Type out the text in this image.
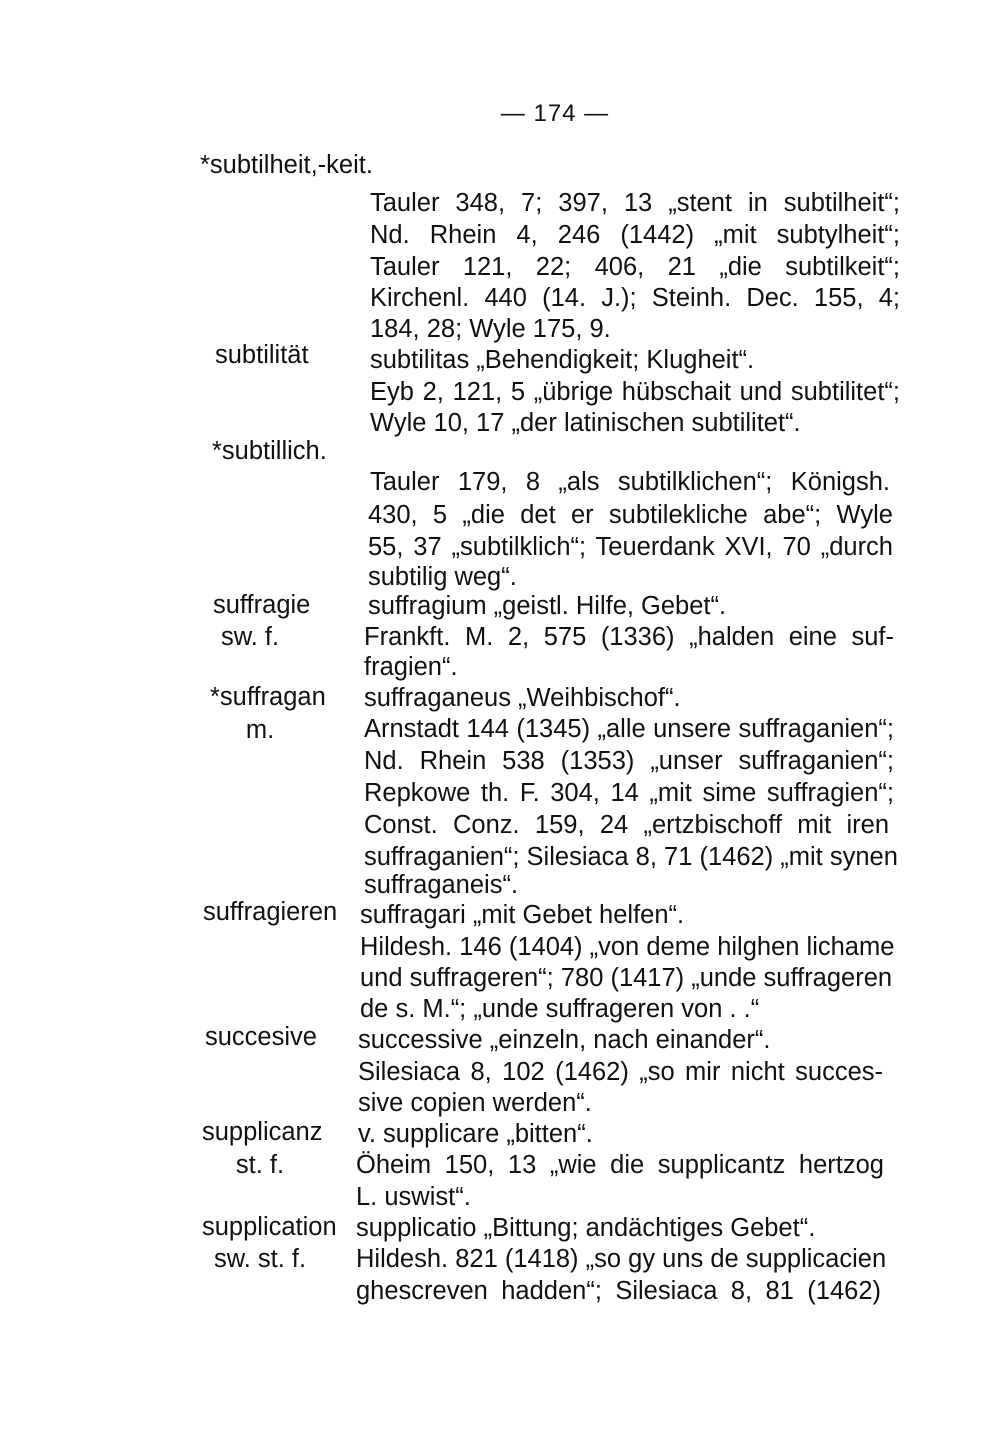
— 174 —
*subtilheit,-keit.
subtilität
*subtillich.
suffragie
sw. f.
*suffragan
m.
suffragieren
succesive
supplicanz
st. f.
supplication
sw. st. f.
Tauler 348, 7; 397, 13 „stent in subtilheit“;
Nd. Rhein 4, 246 (1442) „mit subtylheit“;
Tauler 121, 22; 406, 21 „die subtilkeit“;
Kirchenl. 440 (14. J.); Steinh. Dec. 155, 4;
184, 28; Wyle 175, 9.
subtilitas „Behendigkeit; Klugheit“.
Eyb 2, 121, 5 „übrige hübschait und subtilitet“;
Wyle 10, 17 „der latinischen subtilitet“.
Tauler 179, 8 „als subtilklichen“; Königsh.
430, 5 „die det er subtilekliche abe“; Wyle
55, 37 „subtilklich“; Teuerdank XVI, 70 „durch
subtilig weg“.
suffragium „geistl. Hilfe, Gebet“.
Frankft. M. 2, 575 (1336) „halden eine suf-
fragien“.
suffraganeus „Weihbischof“.
Arnstadt 144 (1345) „alle unsere suffraganien“;
Nd. Rhein 538 (1353) „unser suffraganien“;
Repkowe th. F. 304, 14 „mit sime suffragien“;
Const. Conz. 159, 24 „ertzbischoff mit iren
suffraganien“; Silesiaca 8, 71 (1462) „mit synen
suffraganeis“.
suffragari „mit Gebet helfen“.
Hildesh. 146 (1404) „von deme hilghen lichame
und suffrageren“; 780 (1417) „unde suffrageren
de s. M.“; „unde suffrageren von . .“
successive „einzeln, nach einander“.
Silesiaca 8, 102 (1462) „so mir nicht succes-
sive copien werden“.
v. supplicare „bitten“.
Öheim 150, 13 „wie die supplicantz hertzog
L. uswist“.
supplicatio „Bittung; andächtiges Gebet“.
Hildesh. 821 (1418) „so gy uns de supplicacien
ghescreven hadden“; Silesiaca 8, 81 (1462)
